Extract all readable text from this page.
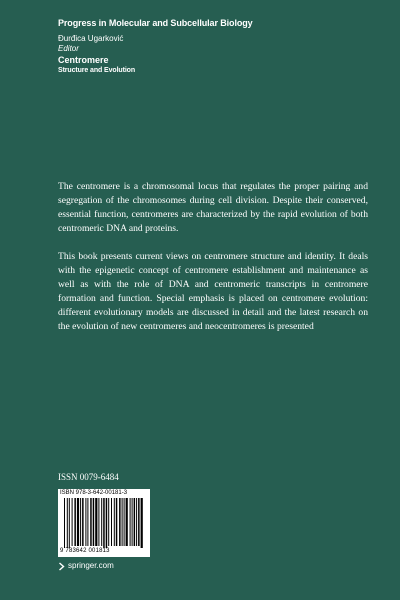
Progress in Molecular and Subcellular Biology
Đurđica Ugarković
Editor
Centromere
Structure and Evolution

The centromere is a chromosomal locus that regulates the proper pairing and segregation of the chromosomes during cell division. Despite their conserved, essential function, centromeres are characterized by the rapid evolution of both centromeric DNA and proteins.

This book presents current views on centromere structure and identity. It deals with the epigenetic concept of centromere establishment and maintenance as well as with the role of DNA and centromeric transcripts in centromere formation and function. Special emphasis is placed on centromere evolution: different evolutionary models are discussed in detail and the latest research on the evolution of new centromeres and neocentromeres is presented

ISSN 0079-6484
ISBN 978-3-642-00181-3
9 783642 001813
springer.com
